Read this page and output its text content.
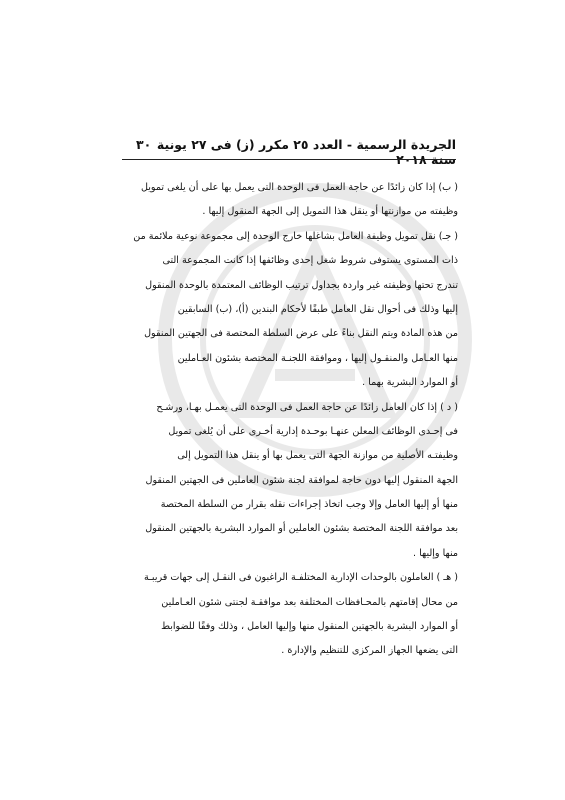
٣٠ الجريدة الرسمية - العدد ٢٥ مكرر (ز) فى ٢٧ يونية سنة ٢٠١٨
( ب) إذا كان زائدًا عن حاجة العمل فى الوحدة التى يعمل بها على أن يلغى تمويل
وظيفته من موازنتها أو ينقل هذا التمويل إلى الجهة المنقول إليها .
( جـ) نقل تمويل وظيفة العامل بشاغلها خارج الوحدة إلى مجموعة نوعية ملائمة من
ذات المستوى يستوفى شروط شغل إحدى وظائفها إذا كانت المجموعة التى
تندرج تحتها وظيفته غير واردة بجداول ترتيب الوظائف المعتمدة بالوحدة المنقول
إليها وذلك فى أحوال نقل العامل طبقًا لأحكام البندين (أ)، (ب) السابقين
من هذه المادة ويتم النقل بناءً على عرض السلطة المختصة فى الجهتين المنقول
منها العـامل والمنقـول إليها ، وموافقة اللجنـة المختصة بشئون العـاملين
أو الموارد البشرية بهما .
( د ) إذا كان العامل زائدًا عن حاجة العمل فى الوحدة التى يعمـل بهـا، ورشـح
فى إحـدى الوظائف المعلن عنهـا بوحـدة إدارية أخـرى على أن يُلغى تمويل
وظيفتـه الأصلية من موازنة الجهة التى يعمل بها أو ينقل هذا التمويل إلى
الجهة المنقول إليها دون حاجة لموافقة لجنة شئون العاملين فى الجهتين المنقول
منها أو إليها العامل وإلا وجب اتخاذ إجراءات نقله بقرار من السلطة المختصة
بعد موافقة اللجنة المختصة بشئون العاملين أو الموارد البشرية بالجهتين المنقول
منها وإليها .
( هـ ) العاملون بالوحدات الإدارية المختلفـة الراغبون فى النقـل إلى جهات قريبـة
من محال إقامتهم بالمحـافظات المختلفة بعد موافقـة لجنتى شئون العـاملين
أو الموارد البشرية بالجهتين المنقول منها وإليها العامل ، وذلك وفقًا للضوابط
التى يضعها الجهاز المركزى للتنظيم والإدارة .
